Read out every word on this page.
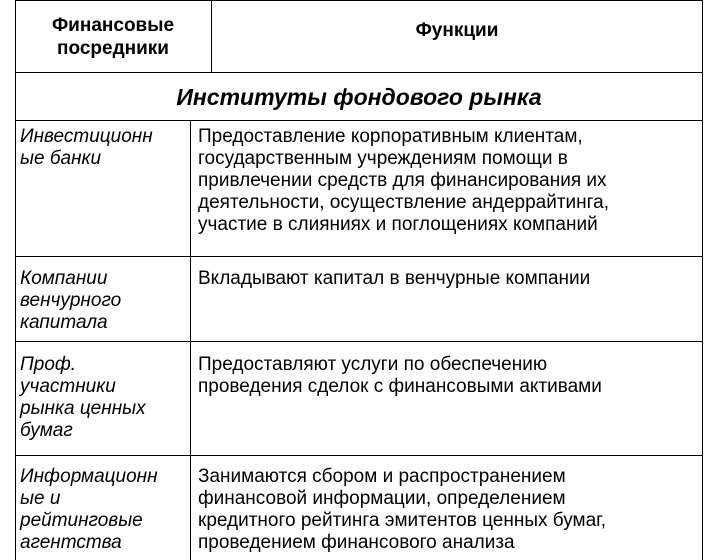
Финансовые
посредники
Функции
Институты фондового рынка
Инвестиционн
ые банки
Предоставление корпоративным клиентам,
государственным учреждениям помощи в
привлечении средств для финансирования их
деятельности, осуществление андеррайтинга,
участие в слияниях и поглощениях компаний
Компании
венчурного
капитала
Вкладывают капитал в венчурные компании
Проф.
участники
рынка ценных
бумаг
Предоставляют услуги по обеспечению
проведения сделок с финансовыми активами
Информационн
ые и
рейтинговые
агентства
Занимаются сбором и распространением
финансовой информации, определением
кредитного рейтинга эмитентов ценных бумаг,
проведением финансового анализа
